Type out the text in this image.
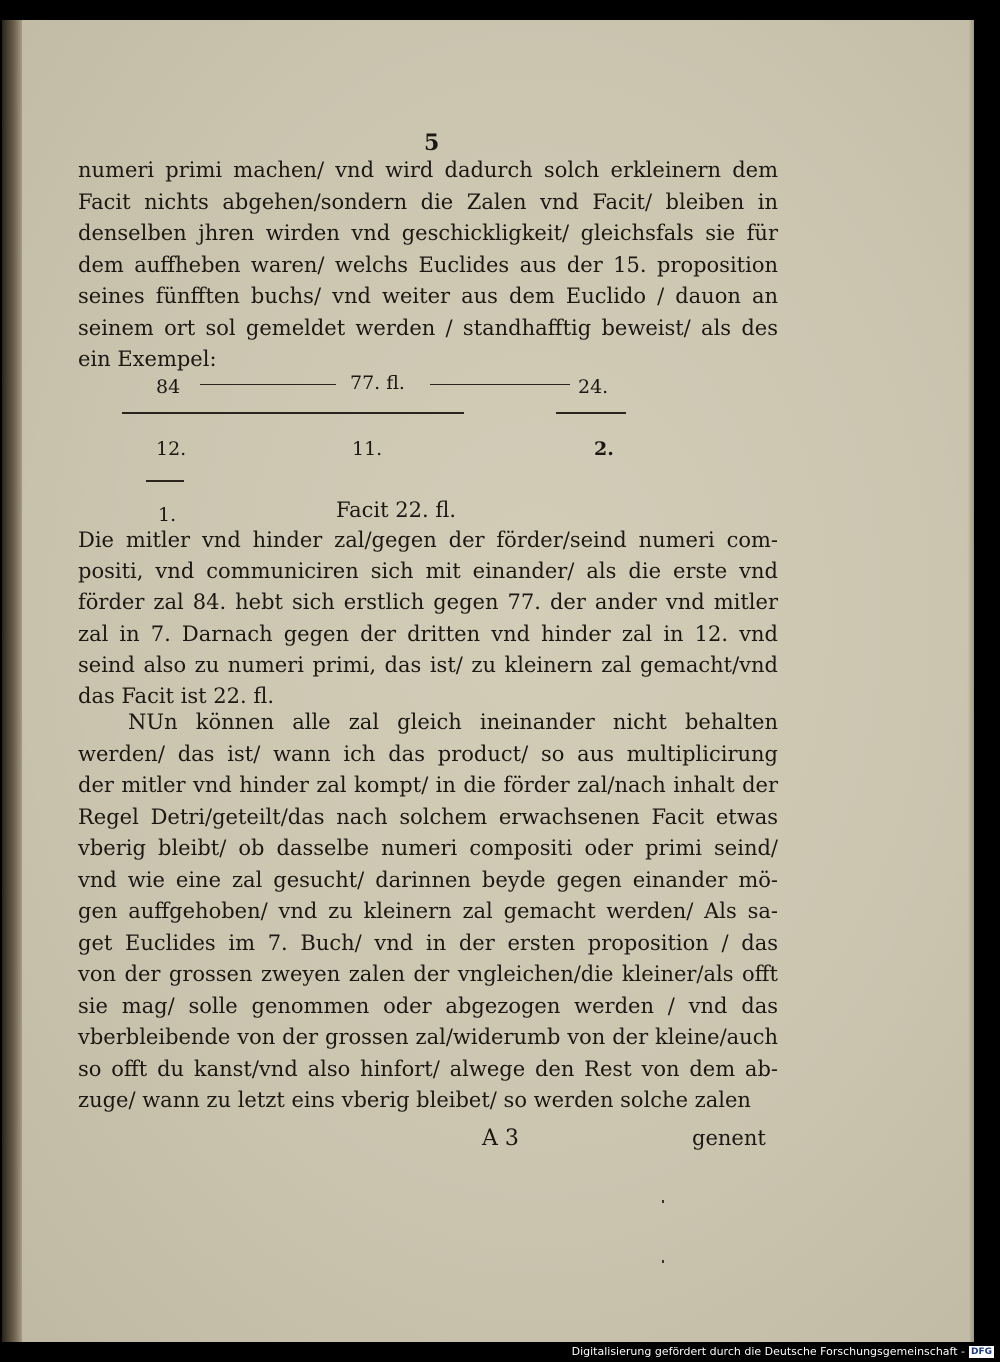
5
numeri primi machen/ vnd wird dadurch solch erkleinern dem
Facit nichts abgehen/sondern die Zalen vnd Facit/ bleiben in
denselben jhren wirden vnd geschickligkeit/ gleichsfals sie für
dem auffheben waren/ welchs Euclides aus der 15. proposition
seines fünfften buchs/ vnd weiter aus dem Euclido / dauon an
seinem ort sol gemeldet werden / standhafftig beweist/ als des
ein Exempel:
84	77. fl.	24.
12.	11.	2.
1.	Facit 22. fl.
Die mitler vnd hinder zal/gegen der förder/seind numeri com-
positi, vnd communiciren sich mit einander/ als die erste vnd
förder zal 84. hebt sich erstlich gegen 77. der ander vnd mitler
zal in 7. Darnach gegen der dritten vnd hinder zal in 12. vnd
seind also zu numeri primi, das ist/ zu kleinern zal gemacht/vnd
das Facit ist 22. fl.
NUn können alle zal gleich ineinander nicht behalten
werden/ das ist/ wann ich das product/ so aus multiplicirung
der mitler vnd hinder zal kompt/ in die förder zal/nach inhalt der
Regel Detri/geteilt/das nach solchem erwachsenen Facit etwas
vberig bleibt/ ob dasselbe numeri compositi oder primi seind/
vnd wie eine zal gesucht/ darinnen beyde gegen einander mö-
gen auffgehoben/ vnd zu kleinern zal gemacht werden/ Als sa-
get Euclides im 7. Buch/ vnd in der ersten proposition / das
von der grossen zweyen zalen der vngleichen/die kleiner/als offt
sie mag/ solle genommen oder abgezogen werden / vnd das
vberbleibende von der grossen zal/widerumb von der kleine/auch
so offt du kanst/vnd also hinfort/ alwege den Rest von dem ab-
zuge/ wann zu letzt eins vberig bleibet/ so werden solche zalen
A 3	genent
Digitalisierung gefördert durch die Deutsche Forschungsgemeinschaft - DFG
